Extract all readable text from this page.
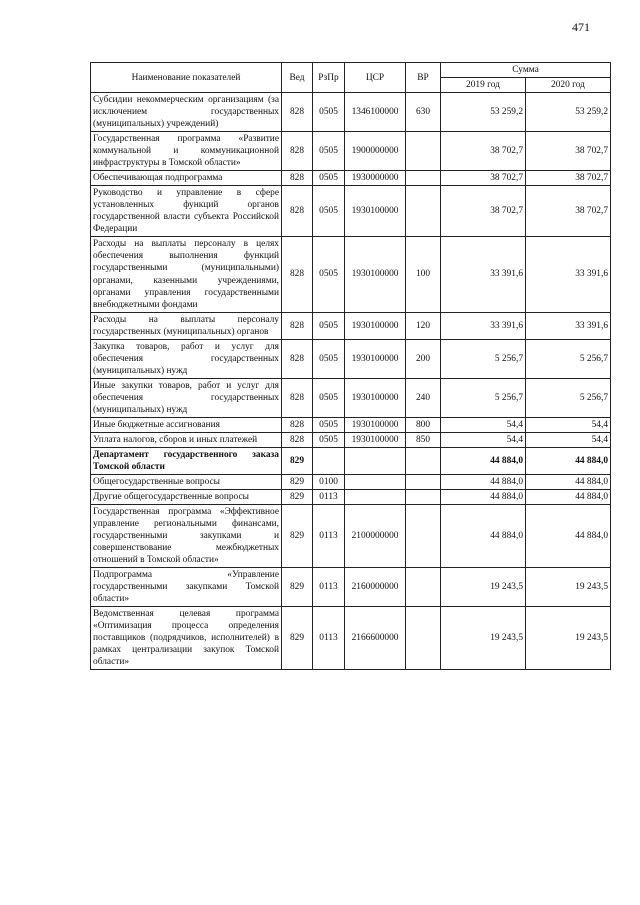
471
Наименование показателей	Вед	РзПр	ЦСР	ВР	Сумма	
					2019 год	2020 год
Субсидии некоммерческим организациям (за исключением государственных (муниципальных) учреждений)	828	0505	1346100000	630	53 259,2	53 259,2
Государственная программа «Развитие коммунальной и коммуникационной инфраструктуры в Томской области»	828	0505	1900000000		38 702,7	38 702,7
Обеспечивающая подпрограмма	828	0505	1930000000		38 702,7	38 702,7
Руководство и управление в сфере установленных функций органов государственной власти субъекта Российской Федерации	828	0505	1930100000		38 702,7	38 702,7
Расходы на выплаты персоналу в целях обеспечения выполнения функций государственными (муниципальными) органами, казенными учреждениями, органами управления государственными внебюджетными фондами	828	0505	1930100000	100	33 391,6	33 391,6
Расходы на выплаты персоналу государственных (муниципальных) органов	828	0505	1930100000	120	33 391,6	33 391,6
Закупка товаров, работ и услуг для обеспечения государственных (муниципальных) нужд	828	0505	1930100000	200	5 256,7	5 256,7
Иные закупки товаров, работ и услуг для обеспечения государственных (муниципальных) нужд	828	0505	1930100000	240	5 256,7	5 256,7
Иные бюджетные ассигнования	828	0505	1930100000	800	54,4	54,4
Уплата налогов, сборов и иных платежей	828	0505	1930100000	850	54,4	54,4
Департамент государственного заказа Томской области	829				44 884,0	44 884,0
Общегосударственные вопросы	829	0100			44 884,0	44 884,0
Другие общегосударственные вопросы	829	0113			44 884,0	44 884,0
Государственная программа «Эффективное управление региональными финансами, государственными закупками и совершенствование межбюджетных отношений в Томской области»	829	0113	2100000000		44 884,0	44 884,0
Подпрограмма «Управление государственными закупками Томской области»	829	0113	2160000000		19 243,5	19 243,5
Ведомственная целевая программа «Оптимизация процесса определения поставщиков (подрядчиков, исполнителей) в рамках централизации закупок Томской области»	829	0113	2166600000		19 243,5	19 243,5
